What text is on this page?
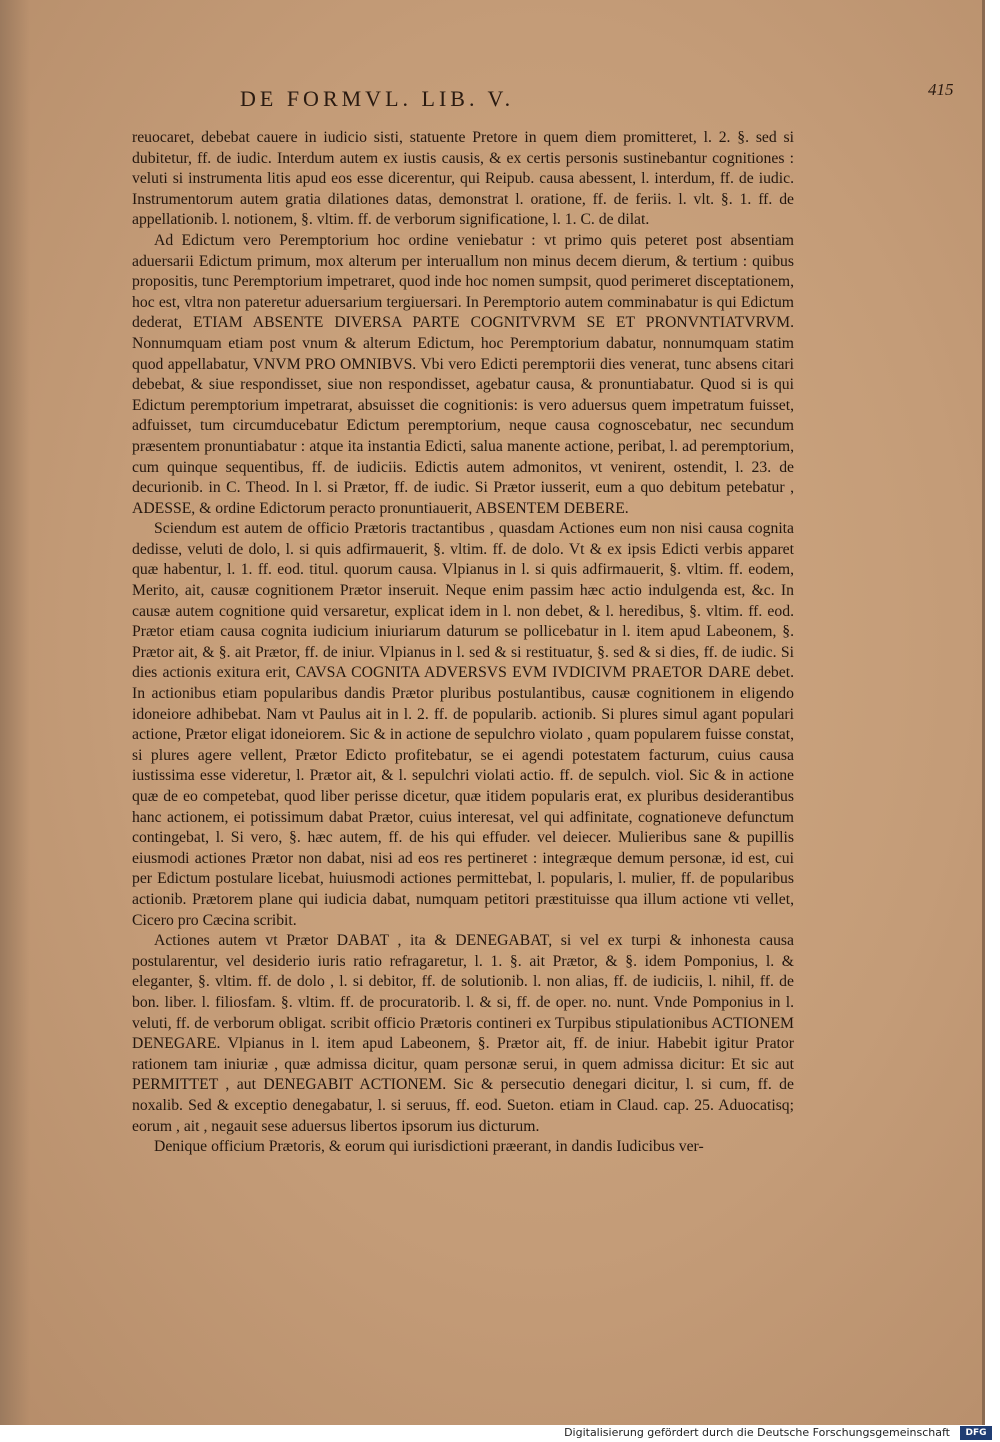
DE FORMVL. LIB. V.	415

reuocaret, debebat cauere in iudicio sisti, statuente Pretore in quem diem promitteret, l. 2. §. sed si dubitetur, ff. de iudic. Interdum autem ex iustis causis, & ex certis personis sustinebantur cognitiones : veluti si instrumenta litis apud eos esse dicerentur, qui Reipub. causa abessent, l. interdum, ff. de iudic. Instrumentorum autem gratia dilationes datas, demonstrat l. oratione, ff. de feriis. l. vlt. §. 1. ff. de appellationib. l. notionem, §. vltim. ff. de verborum significatione, l. 1. C. de dilat.

Ad Edictum vero Peremptorium hoc ordine veniebatur : vt primo quis peteret post absentiam aduersarii Edictum primum, mox alterum per interuallum non minus decem dierum, & tertium : quibus propositis, tunc Peremptorium impetraret, quod inde hoc nomen sumpsit, quod perimeret disceptationem, hoc est, vltra non pateretur aduersarium tergiuersari. In Peremptorio autem comminabatur is qui Edictum dederat, ETIAM ABSENTE DIVERSA PARTE COGNITVRVM SE ET PRONVNTIATVRVM. Nonnumquam etiam post vnum & alterum Edictum, hoc Peremptorium dabatur, nonnumquam statim quod appellabatur, VNVM PRO OMNIBVS. Vbi vero Edicti peremptorii dies venerat, tunc absens citari debebat, & siue respondisset, siue non respondisset, agebatur causa, & pronuntiabatur. Quod si is qui Edictum peremptorium impetrarat, absuisset die cognitionis: is vero aduersus quem impetratum fuisset, adfuisset, tum circumducebatur Edictum peremptorium, neque causa cognoscebatur, nec secundum præsentem pronuntiabatur : atque ita instantia Edicti, salua manente actione, peribat, l. ad peremptorium, cum quinque sequentibus, ff. de iudiciis. Edictis autem admonitos, vt venirent, ostendit, l. 23. de decurionib. in C. Theod. In l. si Prætor, ff. de iudic. Si Prætor iusserit, eum a quo debitum petebatur , ADESSE, & ordine Edictorum peracto pronuntiauerit, ABSENTEM DEBERE.

Sciendum est autem de officio Prætoris tractantibus , quasdam Actiones eum non nisi causa cognita dedisse, veluti de dolo, l. si quis adfirmauerit, §. vltim. ff. de dolo. Vt & ex ipsis Edicti verbis apparet quæ habentur, l. 1. ff. eod. titul. quorum causa. Vlpianus in l. si quis adfirmauerit, §. vltim. ff. eodem, Merito, ait, causæ cognitionem Prætor inseruit. Neque enim passim hæc actio indulgenda est, &c. In causæ autem cognitione quid versaretur, explicat idem in l. non debet, & l. heredibus, §. vltim. ff. eod. Prætor etiam causa cognita iudicium iniuriarum daturum se pollicebatur in l. item apud Labeonem, §. Prætor ait, & §. ait Prætor, ff. de iniur. Vlpianus in l. sed & si restituatur, §. sed & si dies, ff. de iudic. Si dies actionis exitura erit, CAVSA COGNITA ADVERSVS EVM IVDICIVM PRAETOR DARE debet. In actionibus etiam popularibus dandis Prætor pluribus postulantibus, causæ cognitionem in eligendo idoneiore adhibebat. Nam vt Paulus ait in l. 2. ff. de popularib. actionib. Si plures simul agant populari actione, Prætor eligat idoneiorem. Sic & in actione de sepulchro violato , quam popularem fuisse constat, si plures agere vellent, Prætor Edicto profitebatur, se ei agendi potestatem facturum, cuius causa iustissima esse videretur, l. Prætor ait, & l. sepulchri violati actio. ff. de sepulch. viol. Sic & in actione quæ de eo competebat, quod liber perisse dicetur, quæ itidem popularis erat, ex pluribus desiderantibus hanc actionem, ei potissimum dabat Prætor, cuius interesat, vel qui adfinitate, cognationeve defunctum contingebat, l. Si vero, §. hæc autem, ff. de his qui effuder. vel deiecer. Mulieribus sane & pupillis eiusmodi actiones Prætor non dabat, nisi ad eos res pertineret : integræque demum personæ, id est, cui per Edictum postulare licebat, huiusmodi actiones permittebat, l. popularis, l. mulier, ff. de popularibus actionib. Prætorem plane qui iudicia dabat, numquam petitori præstituisse qua illum actione vti vellet, Cicero pro Cæcina scribit.

Actiones autem vt Prætor DABAT , ita & DENEGABAT, si vel ex turpi & inhonesta causa postularentur, vel desiderio iuris ratio refragaretur, l. 1. §. ait Prætor, & §. idem Pomponius, l. & eleganter, §. vltim. ff. de dolo , l. si debitor, ff. de solutionib. l. non alias, ff. de iudiciis, l. nihil, ff. de bon. liber. l. filiosfam. §. vltim. ff. de procuratorib. l. & si, ff. de oper. no. nunt. Vnde Pomponius in l. veluti, ff. de verborum obligat. scribit officio Prætoris contineri ex Turpibus stipulationibus ACTIONEM DENEGARE. Vlpianus in l. item apud Labeonem, §. Prætor ait, ff. de iniur. Habebit igitur Prator rationem tam iniuriæ , quæ admissa dicitur, quam personæ serui, in quem admissa dicitur: Et sic aut PERMITTET , aut DENEGABIT ACTIONEM. Sic & persecutio denegari dicitur, l. si cum, ff. de noxalib. Sed & exceptio denegabatur, l. si seruus, ff. eod. Sueton. etiam in Claud. cap. 25. Aduocatisq; eorum , ait , negauit sese aduersus libertos ipsorum ius dicturum.

Denique officium Prætoris, & eorum qui iurisdictioni præerant, in dandis Iudicibus ver-

Digitalisierung gefördert durch die Deutsche Forschungsgemeinschaft	DFG
